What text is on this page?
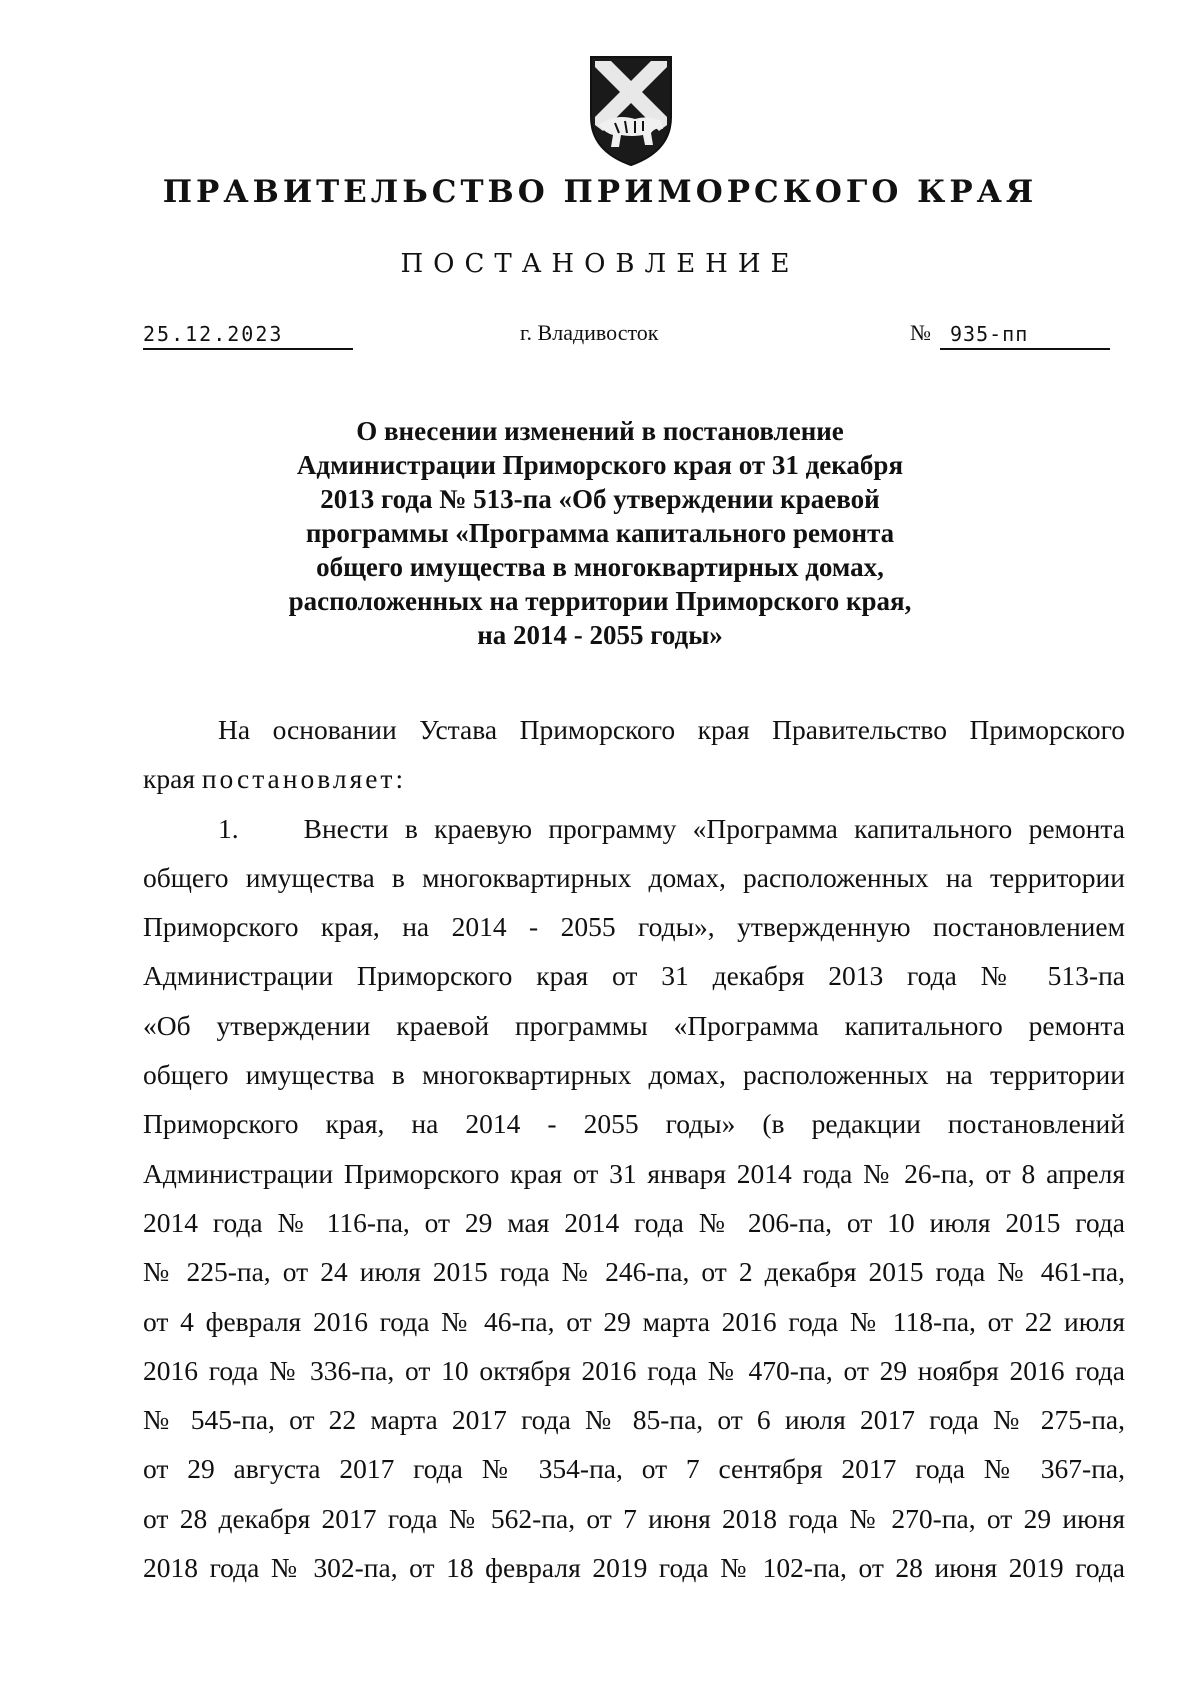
ПРАВИТЕЛЬСТВО ПРИМОРСКОГО КРАЯ
ПОСТАНОВЛЕНИЕ
25.12.2023	г. Владивосток	№ 935-пп
О внесении изменений в постановление
Администрации Приморского края от 31 декабря
2013 года № 513-па «Об утверждении краевой
программы «Программа капитального ремонта
общего имущества в многоквартирных домах,
расположенных на территории Приморского края,
на 2014 - 2055 годы»
На основании Устава Приморского края Правительство Приморского
края постановляет:
1. Внести в краевую программу «Программа капитального ремонта
общего имущества в многоквартирных домах, расположенных на территории
Приморского края, на 2014 - 2055 годы», утвержденную постановлением
Администрации Приморского края от 31 декабря 2013 года № 513-па
«Об утверждении краевой программы «Программа капитального ремонта
общего имущества в многоквартирных домах, расположенных на территории
Приморского края, на 2014 - 2055 годы» (в редакции постановлений
Администрации Приморского края от 31 января 2014 года № 26-па, от 8 апреля
2014 года № 116-па, от 29 мая 2014 года № 206-па, от 10 июля 2015 года
№ 225-па, от 24 июля 2015 года № 246-па, от 2 декабря 2015 года № 461-па,
от 4 февраля 2016 года № 46-па, от 29 марта 2016 года № 118-па, от 22 июля
2016 года № 336-па, от 10 октября 2016 года № 470-па, от 29 ноября 2016 года
№ 545-па, от 22 марта 2017 года № 85-па, от 6 июля 2017 года № 275-па,
от 29 августа 2017 года № 354-па, от 7 сентября 2017 года № 367-па,
от 28 декабря 2017 года № 562-па, от 7 июня 2018 года № 270-па, от 29 июня
2018 года № 302-па, от 18 февраля 2019 года № 102-па, от 28 июня 2019 года
